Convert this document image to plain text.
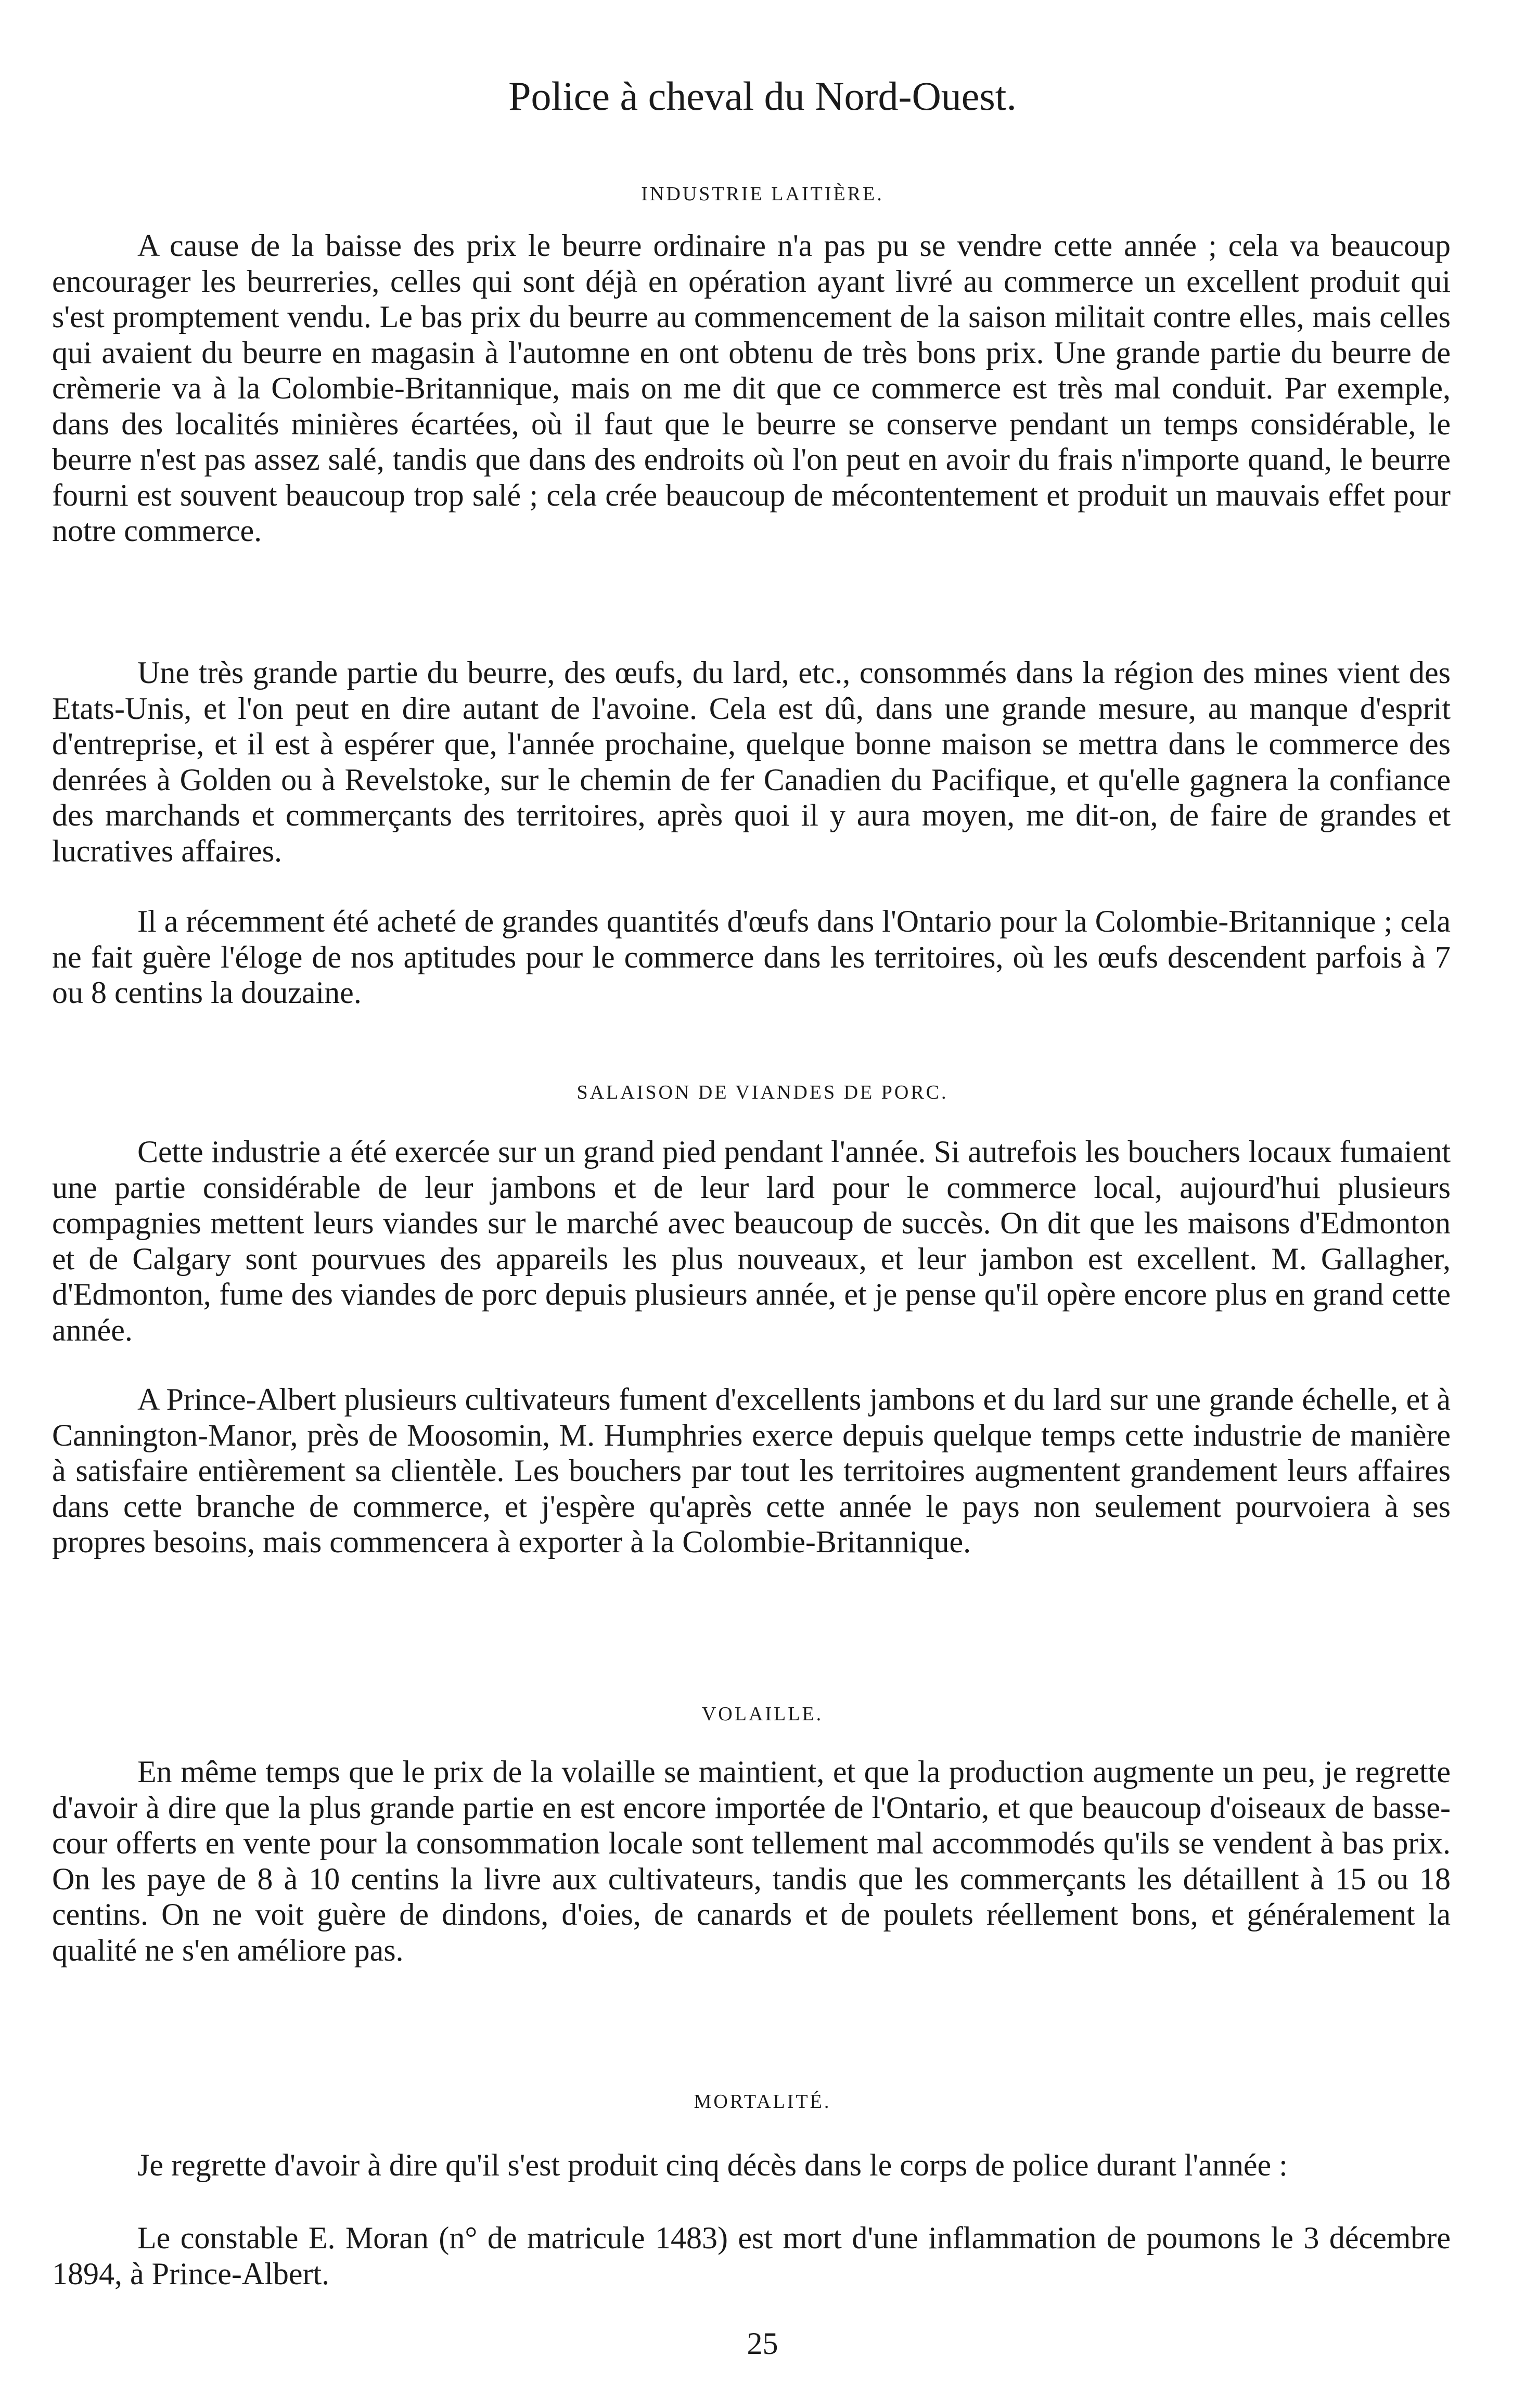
Police à cheval du Nord-Ouest.
INDUSTRIE LAITIÈRE.

A cause de la baisse des prix le beurre ordinaire n'a pas pu se vendre cette année ; cela va beaucoup encourager les beurreries, celles qui sont déjà en opération ayant livré au commerce un excellent produit qui s'est promptement vendu. Le bas prix du beurre au commencement de la saison militait contre elles, mais celles qui avaient du beurre en magasin à l'automne en ont obtenu de très bons prix. Une grande partie du beurre de crèmerie va à la Colombie-Britannique, mais on me dit que ce commerce est très mal conduit. Par exemple, dans des localités minières écartées, où il faut que le beurre se conserve pendant un temps considérable, le beurre n'est pas assez salé, tandis que dans des endroits où l'on peut en avoir du frais n'importe quand, le beurre fourni est souvent beaucoup trop salé ; cela crée beaucoup de mécontentement et produit un mauvais effet pour notre commerce.

Une très grande partie du beurre, des œufs, du lard, etc., consommés dans la région des mines vient des Etats-Unis, et l'on peut en dire autant de l'avoine. Cela est dû, dans une grande mesure, au manque d'esprit d'entreprise, et il est à espérer que, l'année prochaine, quelque bonne maison se mettra dans le commerce des denrées à Golden ou à Revelstoke, sur le chemin de fer Canadien du Pacifique, et qu'elle gagnera la confiance des marchands et commerçants des territoires, après quoi il y aura moyen, me dit-on, de faire de grandes et lucratives affaires.

Il a récemment été acheté de grandes quantités d'œufs dans l'Ontario pour la Colombie-Britannique ; cela ne fait guère l'éloge de nos aptitudes pour le commerce dans les territoires, où les œufs descendent parfois à 7 ou 8 centins la douzaine.

SALAISON DE VIANDES DE PORC.

Cette industrie a été exercée sur un grand pied pendant l'année. Si autrefois les bouchers locaux fumaient une partie considérable de leur jambons et de leur lard pour le commerce local, aujourd'hui plusieurs compagnies mettent leurs viandes sur le marché avec beaucoup de succès. On dit que les maisons d'Edmonton et de Calgary sont pourvues des appareils les plus nouveaux, et leur jambon est excellent. M. Gallagher, d'Edmonton, fume des viandes de porc depuis plusieurs année, et je pense qu'il opère encore plus en grand cette année.

A Prince-Albert plusieurs cultivateurs fument d'excellents jambons et du lard sur une grande échelle, et à Cannington-Manor, près de Moosomin, M. Humphries exerce depuis quelque temps cette industrie de manière à satisfaire entièrement sa clientèle. Les bouchers par tout les territoires augmentent grandement leurs affaires dans cette branche de commerce, et j'espère qu'après cette année le pays non seulement pourvoiera à ses propres besoins, mais commencera à exporter à la Colombie-Britannique.

VOLAILLE.

En même temps que le prix de la volaille se maintient, et que la production augmente un peu, je regrette d'avoir à dire que la plus grande partie en est encore importée de l'Ontario, et que beaucoup d'oiseaux de basse-cour offerts en vente pour la consommation locale sont tellement mal accommodés qu'ils se vendent à bas prix. On les paye de 8 à 10 centins la livre aux cultivateurs, tandis que les commerçants les détaillent à 15 ou 18 centins. On ne voit guère de dindons, d'oies, de canards et de poulets réellement bons, et généralement la qualité ne s'en améliore pas.

MORTALITÉ.

Je regrette d'avoir à dire qu'il s'est produit cinq décès dans le corps de police durant l'année :

Le constable E. Moran (n° de matricule 1483) est mort d'une inflammation de poumons le 3 décembre 1894, à Prince-Albert.

25
